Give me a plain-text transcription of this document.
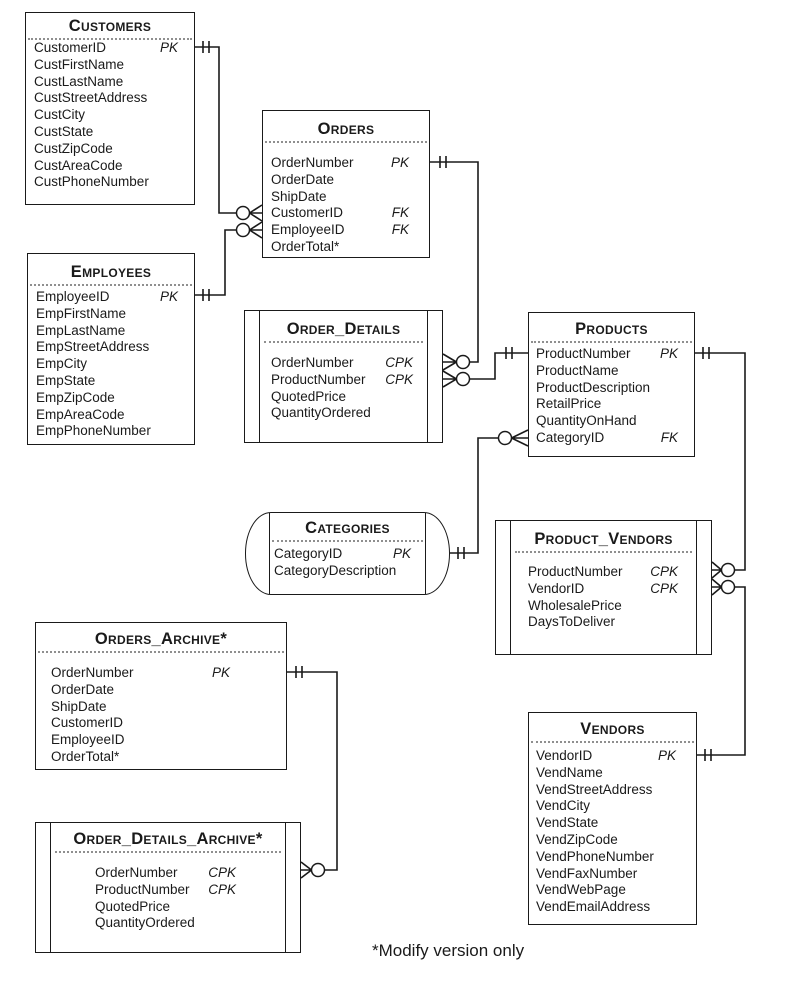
Customers
CustomerID	PK
CustFirstName
CustLastName
CustStreetAddress
CustCity
CustState
CustZipCode
CustAreaCode
CustPhoneNumber
Orders
OrderNumber	PK
OrderDate
ShipDate
CustomerID	FK
EmployeeID	FK
OrderTotal*
Employees
EmployeeID	PK
EmpFirstName
EmpLastName
EmpStreetAddress
EmpCity
EmpState
EmpZipCode
EmpAreaCode
EmpPhoneNumber
Order_Details
OrderNumber	CPK
ProductNumber	CPK
QuotedPrice
QuantityOrdered
Products
ProductNumber	PK
ProductName
ProductDescription
RetailPrice
QuantityOnHand
CategoryID	FK
Categories
CategoryID	PK
CategoryDescription
Product_Vendors
ProductNumber	CPK
VendorID	CPK
WholesalePrice
DaysToDeliver
Orders_Archive*
OrderNumber	PK
OrderDate
ShipDate
CustomerID
EmployeeID
OrderTotal*
Vendors
VendorID	PK
VendName
VendStreetAddress
VendCity
VendState
VendZipCode
VendPhoneNumber
VendFaxNumber
VendWebPage
VendEmailAddress
Order_Details_Archive*
OrderNumber	CPK
ProductNumber	CPK
QuotedPrice
QuantityOrdered
*Modify version only
